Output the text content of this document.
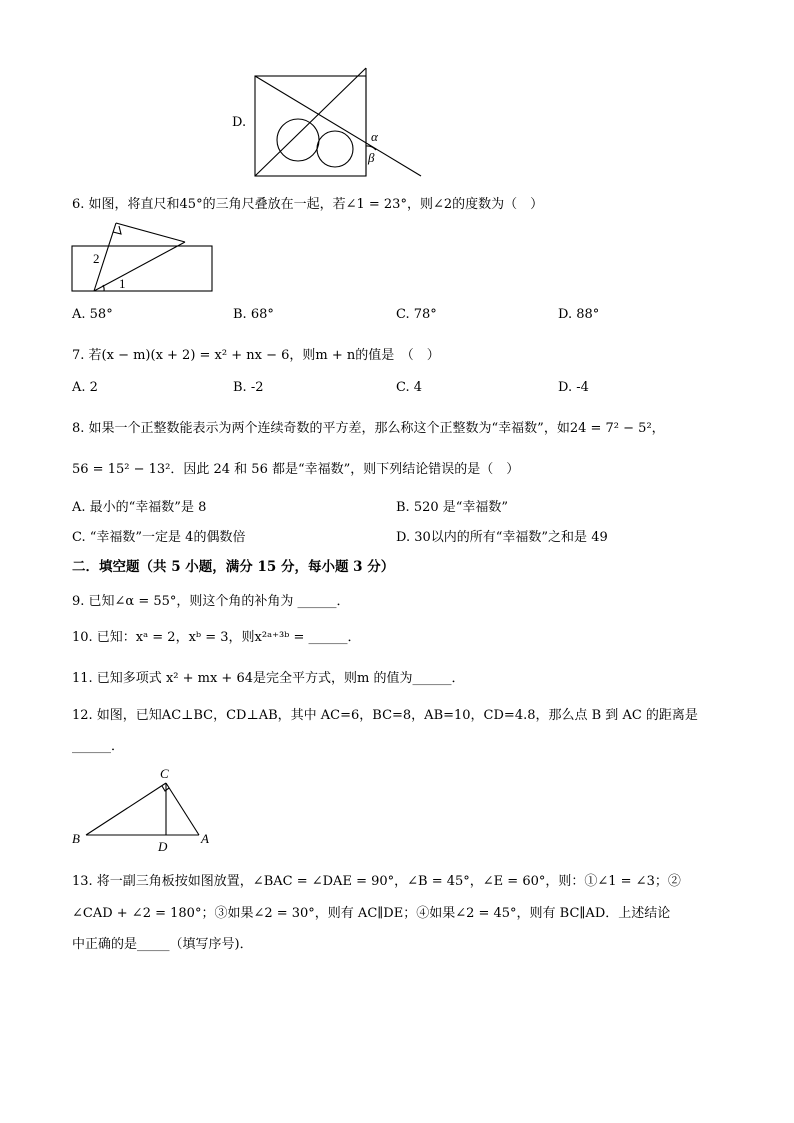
D.
α
β
6. 如图，将直尺和45°的三角尺叠放在一起，若∠1 = 23°，则∠2的度数为（　）
2
1
A. 58°	B. 68°	C. 78°	D. 88°
7. 若(x − m)(x + 2) = x² + nx − 6，则m + n的值是　（　）
A. 2	B. -2	C. 4	D. -4
8. 如果一个正整数能表示为两个连续奇数的平方差，那么称这个正整数为“幸福数”，如24 = 7² − 5²，
56 = 15² − 13²．因此 24 和 56 都是“幸福数”，则下列结论错误的是（　）
A. 最小的“幸福数”是 8	B. 520 是“幸福数”
C. “幸福数”一定是 4的偶数倍	D. 30以内的所有“幸福数”之和是 49
二．填空题（共 5 小题，满分 15 分，每小题 3 分）
9. 已知∠α = 55°，则这个角的补角为 ______．
10. 已知：xᵃ = 2，xᵇ = 3，则x²ᵃ⁺³ᵇ = ______．
11. 已知多项式 x² + mx + 64是完全平方式，则m 的值为______．
12. 如图，已知AC⊥BC，CD⊥AB，其中 AC=6，BC=8，AB=10，CD=4.8，那么点 B 到 AC 的距离是
______．
C
B
D
A
13. 将一副三角板按如图放置，∠BAC = ∠DAE = 90°，∠B = 45°，∠E = 60°，则：①∠1 = ∠3；②
∠CAD + ∠2 = 180°；③如果∠2 = 30°，则有 AC∥DE；④如果∠2 = 45°，则有 BC∥AD．上述结论
中正确的是_____（填写序号)．
